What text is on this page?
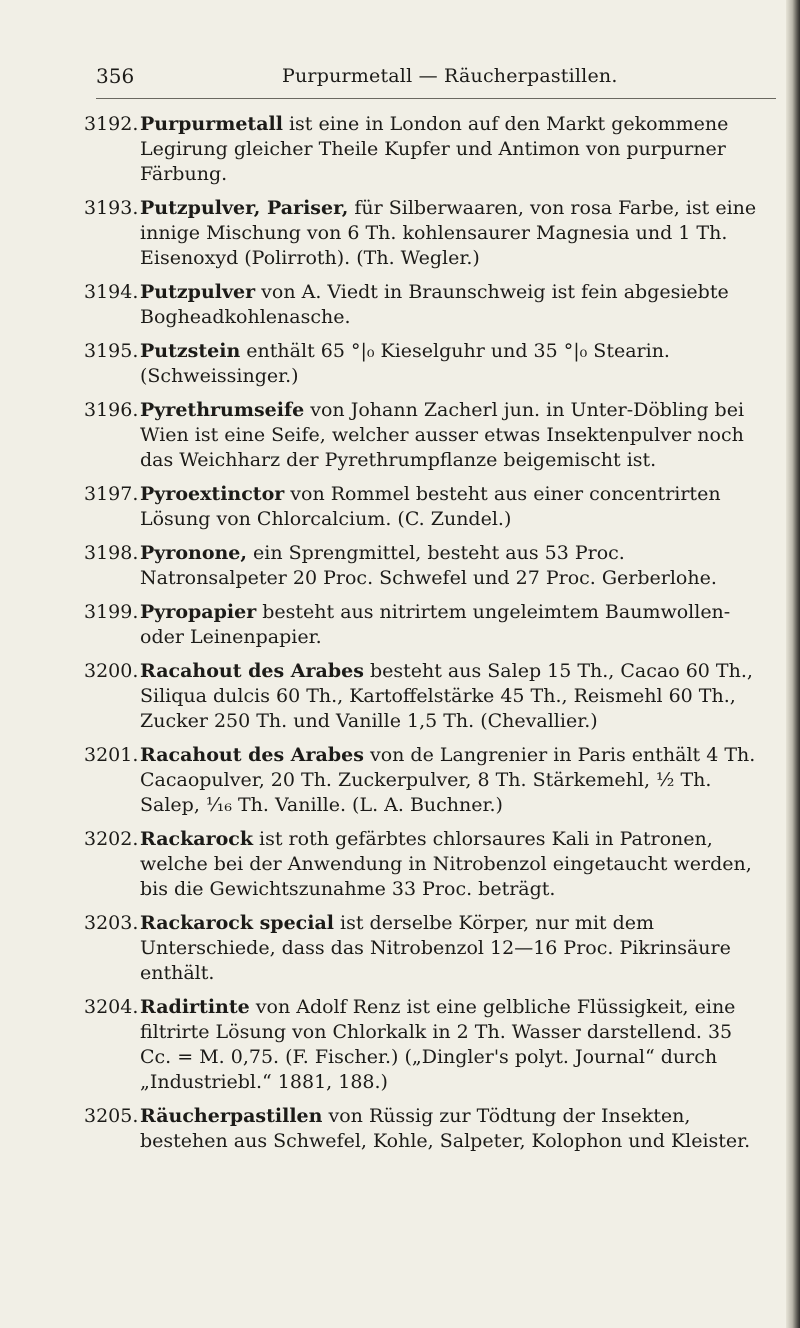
356	Purpurmetall — Räucherpastillen.
3192. Purpurmetall ist eine in London auf den Markt gekommene Legirung gleicher Theile Kupfer und Antimon von purpurner Färbung.
3193. Putzpulver, Pariser, für Silberwaaren, von rosa Farbe, ist eine innige Mischung von 6 Th. kohlensaurer Magnesia und 1 Th. Eisenoxyd (Polirroth). (Th. Wegler.)
3194. Putzpulver von A. Viedt in Braunschweig ist fein abgesiebte Bogheadkohlenasche.
3195. Putzstein enthält 65 °|₀ Kieselguhr und 35 °|₀ Stearin. (Schweissinger.)
3196. Pyrethrumseife von Johann Zacherl jun. in Unter-Döbling bei Wien ist eine Seife, welcher ausser etwas Insektenpulver noch das Weichharz der Pyrethrumpflanze beigemischt ist.
3197. Pyroextinctor von Rommel besteht aus einer concentrirten Lösung von Chlorcalcium. (C. Zundel.)
3198. Pyronone, ein Sprengmittel, besteht aus 53 Proc. Natronsalpeter 20 Proc. Schwefel und 27 Proc. Gerberlohe.
3199. Pyropapier besteht aus nitrirtem ungeleimtem Baumwollen- oder Leinenpapier.
3200. Racahout des Arabes besteht aus Salep 15 Th., Cacao 60 Th., Siliqua dulcis 60 Th., Kartoffelstärke 45 Th., Reismehl 60 Th., Zucker 250 Th. und Vanille 1,5 Th. (Chevallier.)
3201. Racahout des Arabes von de Langrenier in Paris enthält 4 Th. Cacaopulver, 20 Th. Zuckerpulver, 8 Th. Stärkemehl, ½ Th. Salep, ¹⁄₁₆ Th. Vanille. (L. A. Buchner.)
3202. Rackarock ist roth gefärbtes chlorsaures Kali in Patronen, welche bei der Anwendung in Nitrobenzol eingetaucht werden, bis die Gewichtszunahme 33 Proc. beträgt.
3203. Rackarock special ist derselbe Körper, nur mit dem Unterschiede, dass das Nitrobenzol 12—16 Proc. Pikrinsäure enthält.
3204. Radirtinte von Adolf Renz ist eine gelbliche Flüssigkeit, eine filtrirte Lösung von Chlorkalk in 2 Th. Wasser darstellend. 35 Cc. = M. 0,75. (F. Fischer.) („Dingler's polyt. Journal“ durch „Industriebl.“ 1881, 188.)
3205. Räucherpastillen von Rüssig zur Tödtung der Insekten, bestehen aus Schwefel, Kohle, Salpeter, Kolophon und Kleister.
